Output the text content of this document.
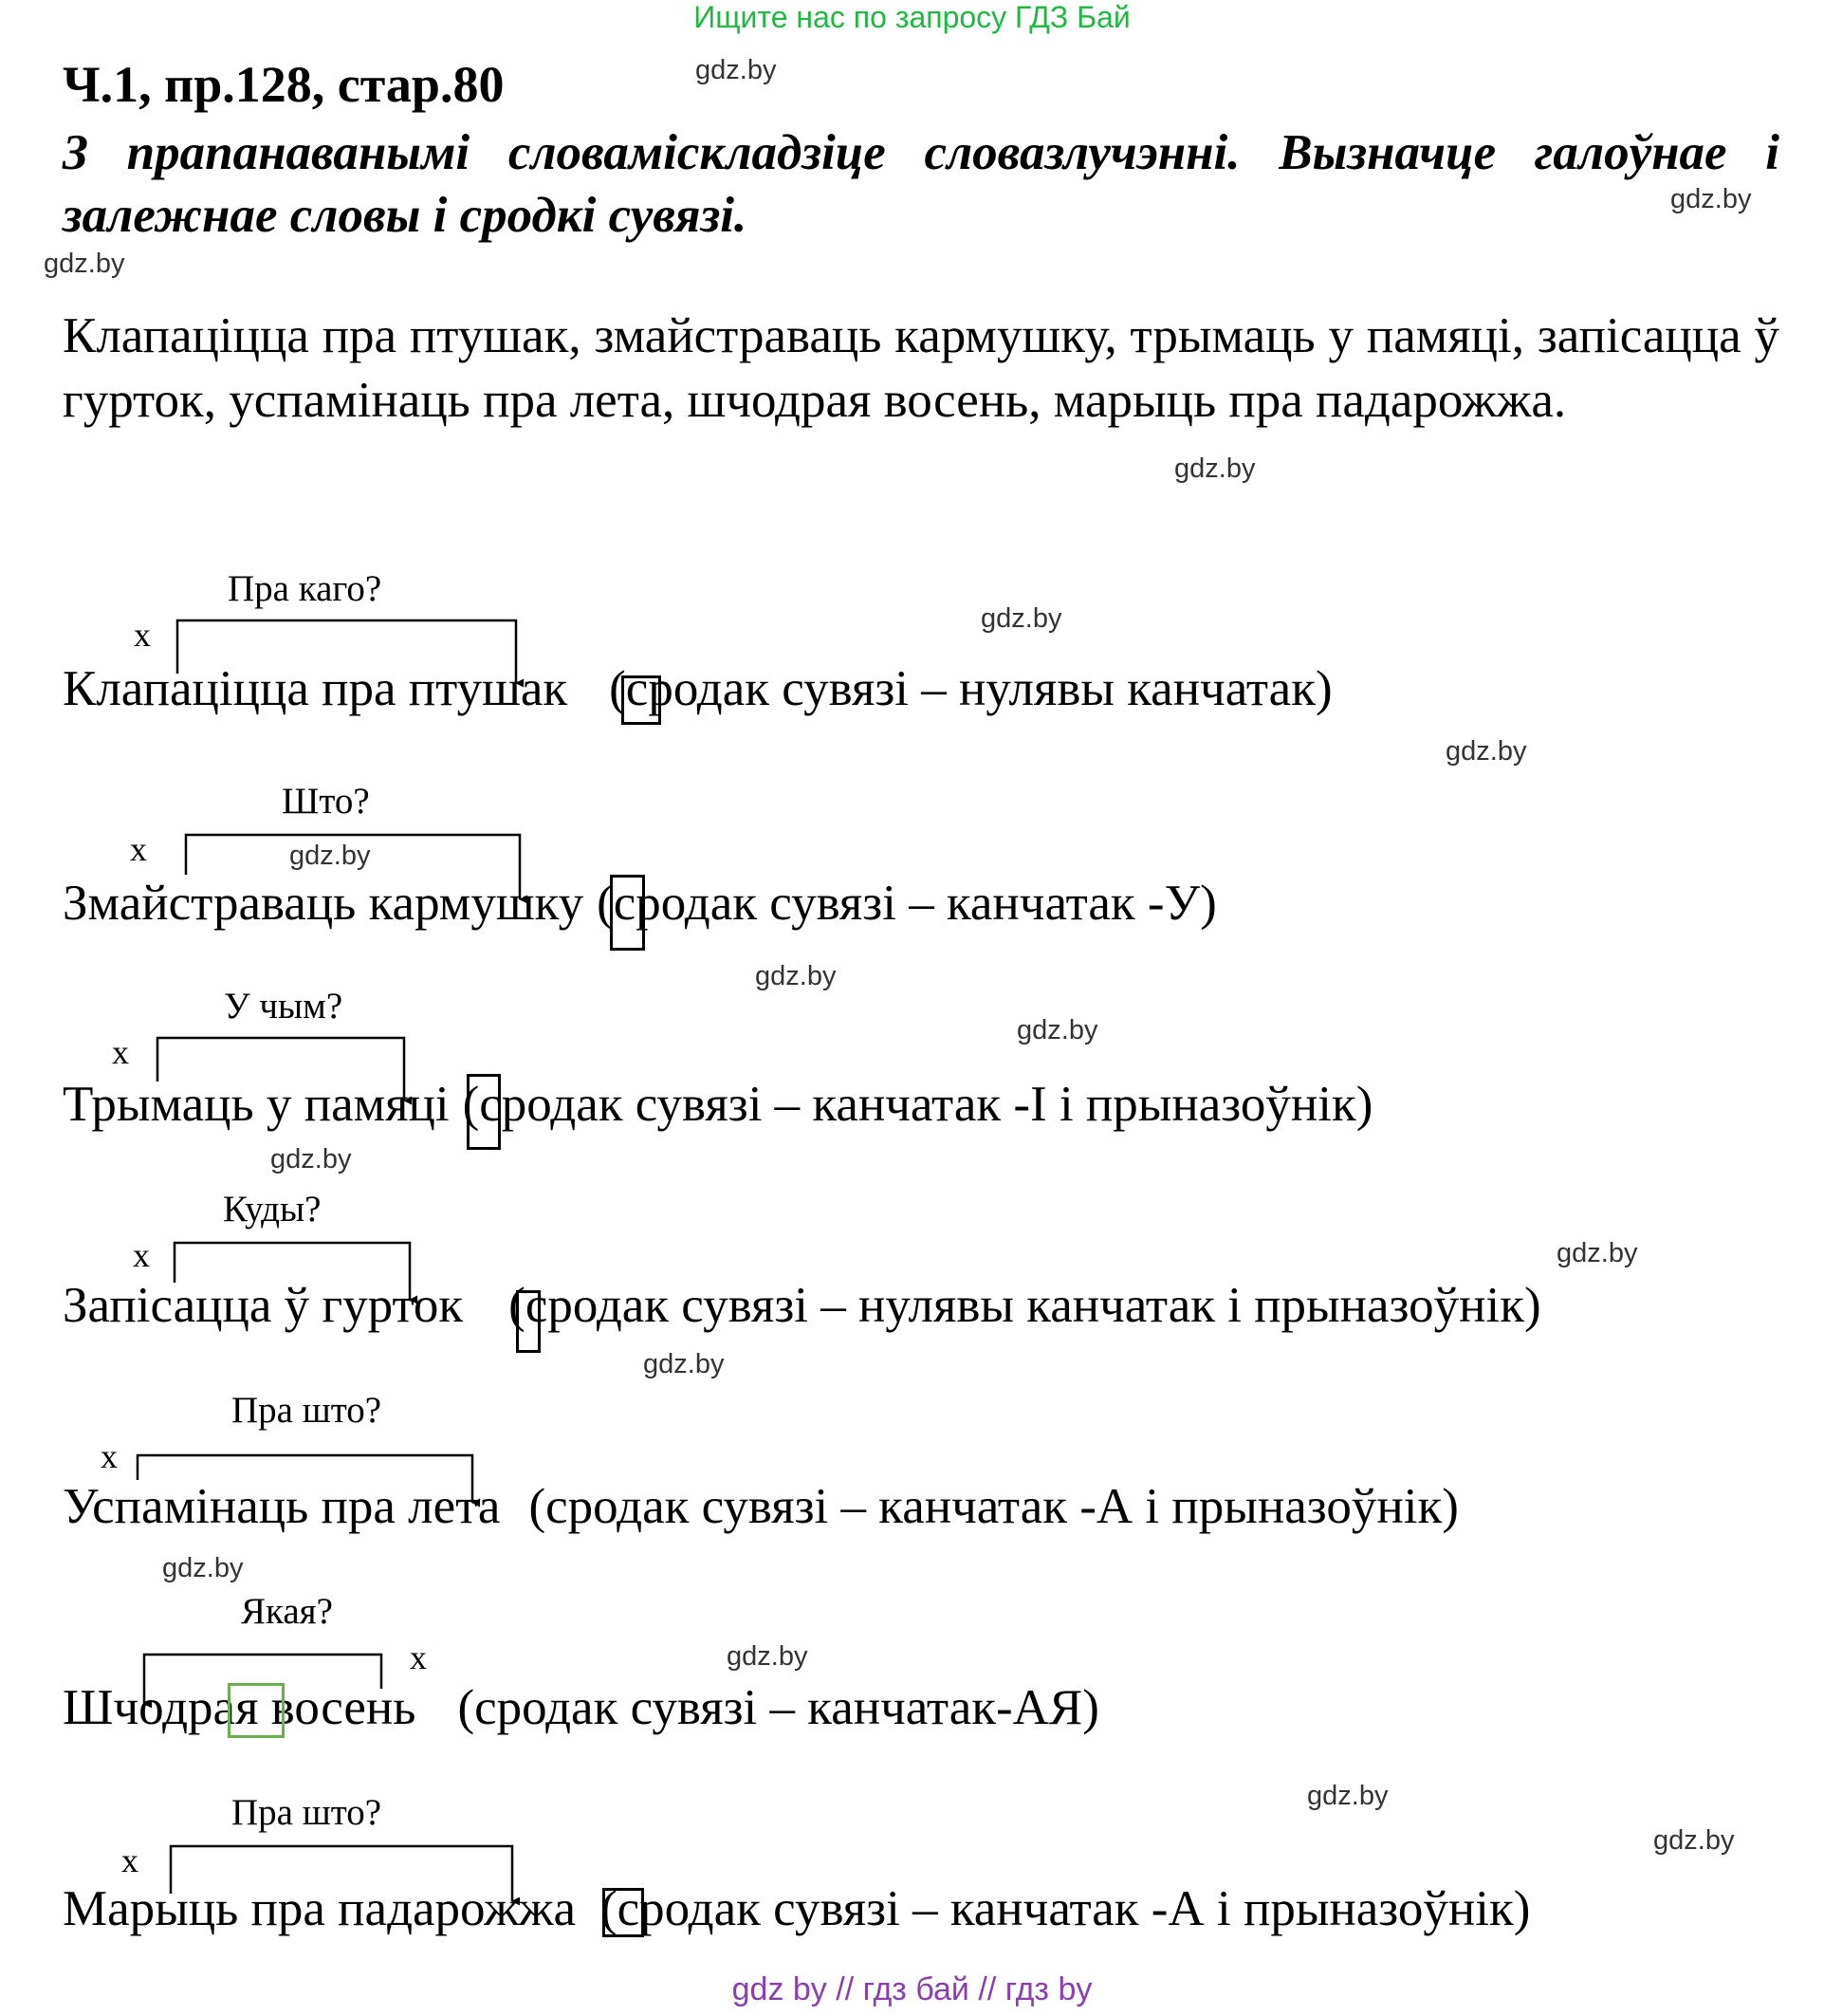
Ищите нас по запросу ГДЗ Бай
Ч.1, пр.128, стар.80
З прапанаванымі словамiскладзiце словазлучэннi. Вызначце галоўнае i залежнае словы i сродкi сувязi.
Клапацiцца пра птушак, змайстраваць кармушку, трымаць у памяцi, запiсацца ў гурток, успамiнаць пра лета, шчодрая восень, марыць пра падарожжа.
gdz.by
gdz.by
gdz.by
gdz.by
gdz.by
gdz.by
gdz.by
gdz.by
gdz.by
gdz.by
gdz.by
gdz.by
gdz.by
gdz.by
gdz.by
gdz.by
Пра каго?
x
Клапацiцца пра птушак (сродак сувязi – нулявы канчатак)
Што?
x
Змайстраваць кармушку (сродак сувязi – канчатак -У)
У чым?
x
Трымаць у памяцi (сродак сувязi – канчатак -I i прыназоўнiк)
Куды?
x
Запiсацца ў гурток (сродак сувязi – нулявы канчатак i прыназоўнiк)
Пра што?
x
Успамiнаць пра лета (сродак сувязi – канчатак -А i прыназоўнiк)
Якая?
x
Шчодрая восень (сродак сувязi – канчатак-АЯ)
Пра што?
x
Марыць пра падарожжа (сродак сувязi – канчатак -А i прыназоўнiк)
gdz by // гдз бай // гдз by
